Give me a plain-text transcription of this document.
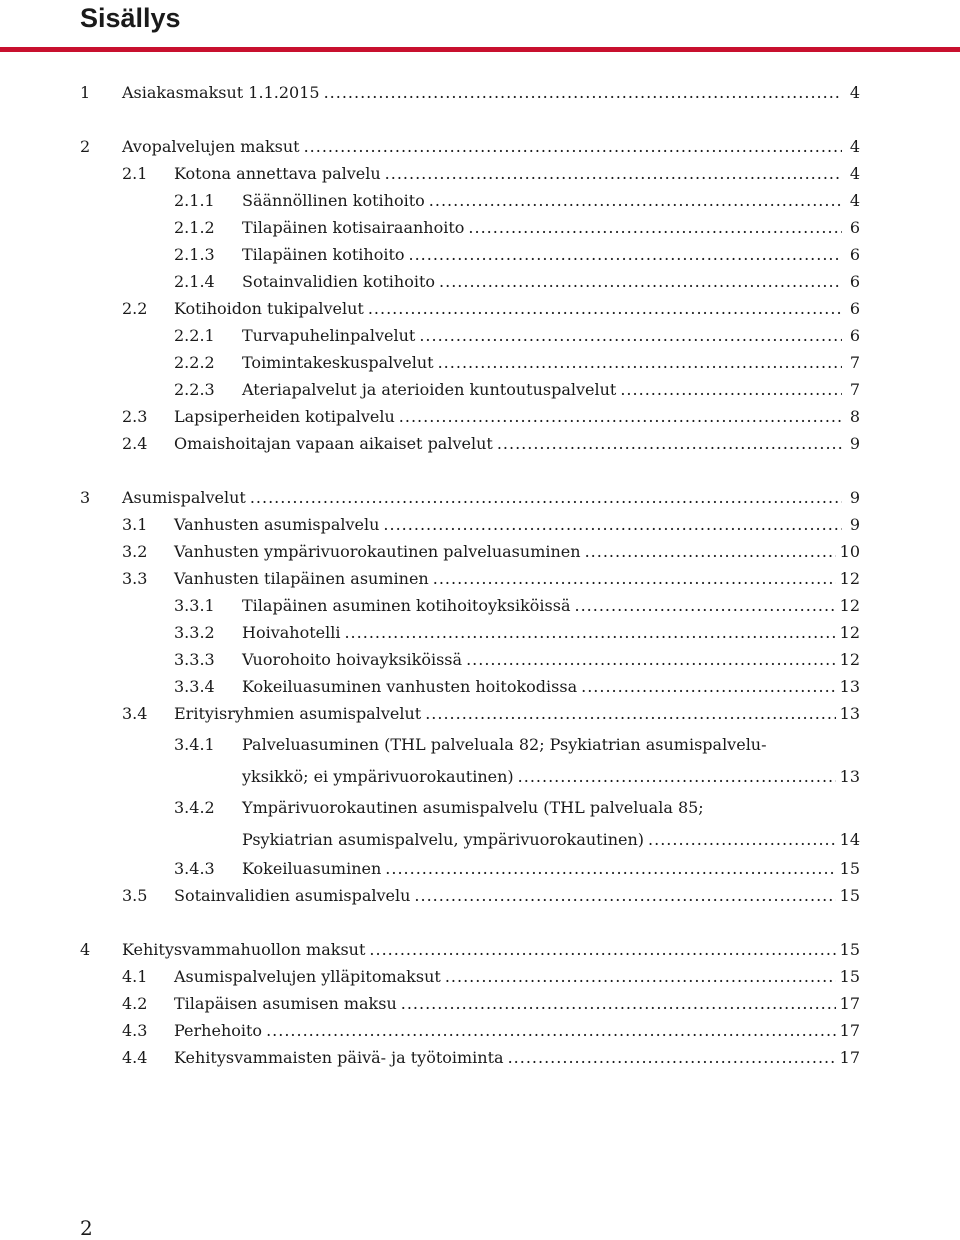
Sisällys
1	Asiakasmaksut 1.1.2015 .....	4
2	Avopalvelujen maksut .....	4
2.1	Kotona annettava palvelu .....	4
2.1.1	Säännöllinen kotihoito .....	4
2.1.2	Tilapäinen kotisairaanhoito .....	6
2.1.3	Tilapäinen kotihoito .....	6
2.1.4	Sotainvalidien kotihoito .....	6
2.2	Kotihoidon tukipalvelut .....	6
2.2.1	Turvapuhelinpalvelut .....	6
2.2.2	Toimintakeskuspalvelut .....	7
2.2.3	Ateriapalvelut ja aterioiden kuntoutuspalvelut .....	7
2.3	Lapsiperheiden kotipalvelu .....	8
2.4	Omaishoitajan vapaan aikaiset palvelut .....	9
3	Asumispalvelut .....	9
3.1	Vanhusten asumispalvelu .....	9
3.2	Vanhusten ympärivuorokautinen palveluasuminen .....	10
3.3	Vanhusten tilapäinen asuminen .....	12
3.3.1	Tilapäinen asuminen kotihoitoyksiköissä .....	12
3.3.2	Hoivahotelli .....	12
3.3.3	Vuorohoito hoivayksiköissä .....	12
3.3.4	Kokeiluasuminen vanhusten hoitokodissa .....	13
3.4	Erityisryhmien asumispalvelut .....	13
3.4.1 Palveluasuminen (THL palveluala 82; Psykiatrian asumispalvelu-
yksikkö; ei ympärivuorokautinen) .....	13
3.4.2 Ympärivuorokautinen asumispalvelu (THL palveluala 85;
Psykiatrian asumispalvelu, ympärivuorokautinen) .....	14
3.4.3	Kokeiluasuminen .....	15
3.5	Sotainvalidien asumispalvelu .....	15
4	Kehitysvammahuollon maksut .....	15
4.1	Asumispalvelujen ylläpitomaksut .....	15
4.2	Tilapäisen asumisen maksu .....	17
4.3	Perhehoito .....	17
4.4	Kehitysvammaisten päivä- ja työtoiminta .....	17
2
